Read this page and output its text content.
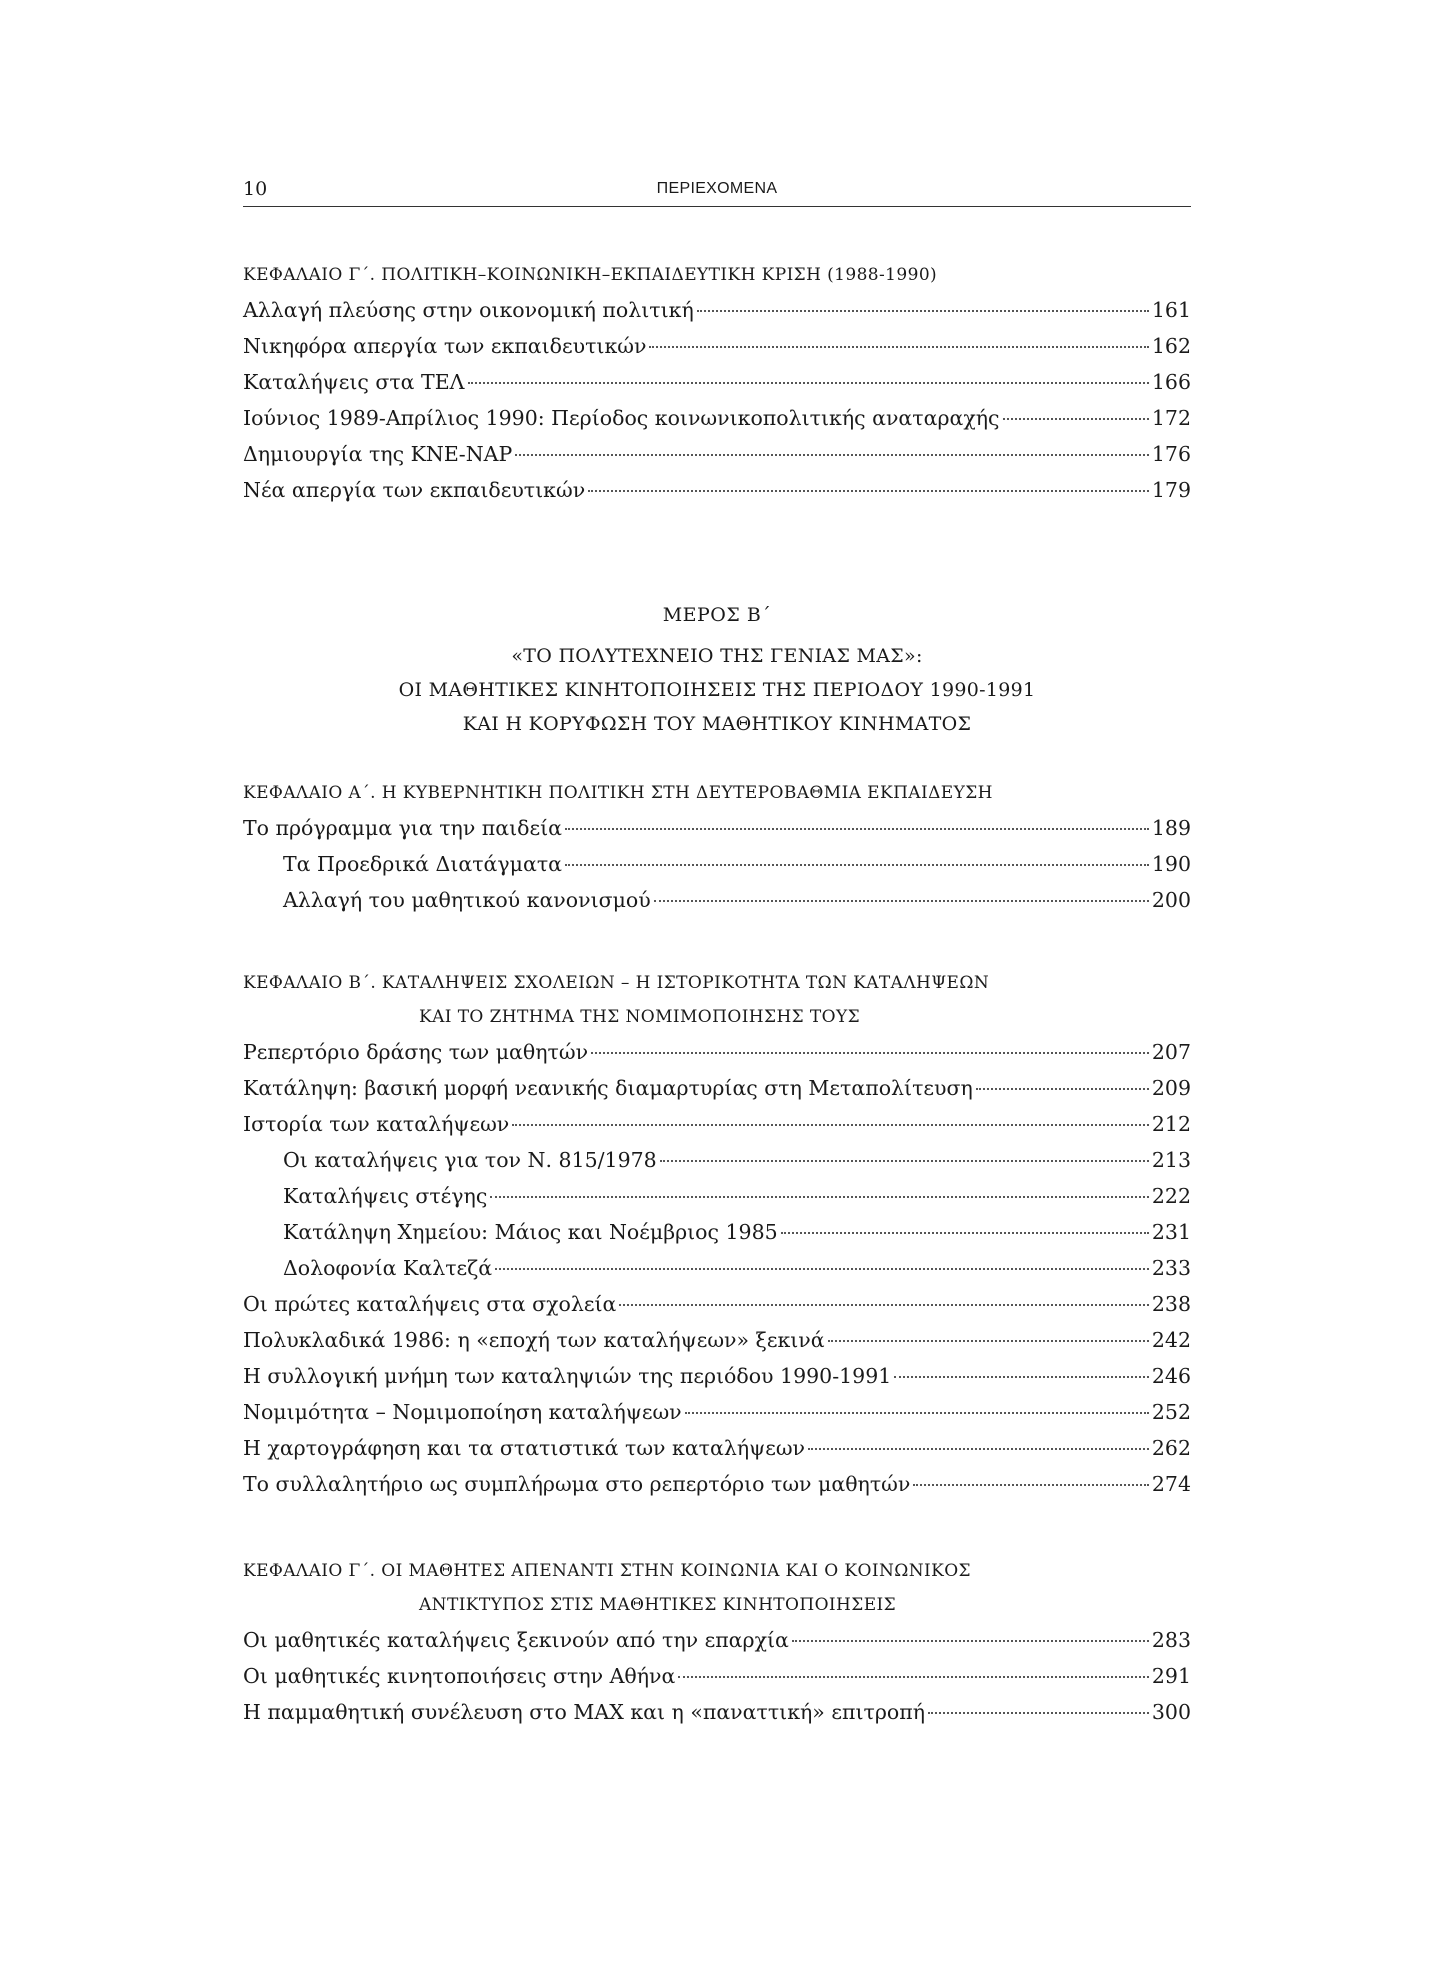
10	ΠΕΡΙΕΧΟΜΕΝΑ
ΚΕΦΑΛΑΙΟ Γ΄. ΠΟΛΙΤΙΚΗ–ΚΟΙΝΩΝΙΚΗ–ΕΚΠΑΙΔΕΥΤΙΚΗ ΚΡΙΣΗ (1988-1990)
Αλλαγή πλεύσης στην οικονομική πολιτική	161
Νικηφόρα απεργία των εκπαιδευτικών	162
Καταλήψεις στα ΤΕΛ	166
Ιούνιος 1989-Απρίλιος 1990: Περίοδος κοινωνικοπολιτικής αναταραχής	172
Δημιουργία της ΚΝΕ-ΝΑΡ	176
Νέα απεργία των εκπαιδευτικών	179
ΜΕΡΟΣ Β΄
«ΤΟ ΠΟΛΥΤΕΧΝΕΙΟ ΤΗΣ ΓΕΝΙΑΣ ΜΑΣ»:
ΟΙ ΜΑΘΗΤΙΚΕΣ ΚΙΝΗΤΟΠΟΙΗΣΕΙΣ ΤΗΣ ΠΕΡΙΟΔΟΥ 1990-1991
ΚΑΙ Η ΚΟΡΥΦΩΣΗ ΤΟΥ ΜΑΘΗΤΙΚΟΥ ΚΙΝΗΜΑΤΟΣ
ΚΕΦΑΛΑΙΟ Α΄. Η ΚΥΒΕΡΝΗΤΙΚΗ ΠΟΛΙΤΙΚΗ ΣΤΗ ΔΕΥΤΕΡΟΒΑΘΜΙΑ ΕΚΠΑΙΔΕΥΣΗ
Το πρόγραμμα για την παιδεία	189
Τα Προεδρικά Διατάγματα	190
Αλλαγή του μαθητικού κανονισμού	200
ΚΕΦΑΛΑΙΟ Β΄. ΚΑΤΑΛΗΨΕΙΣ ΣΧΟΛΕΙΩΝ – Η ΙΣΤΟΡΙΚΟΤΗΤΑ ΤΩΝ ΚΑΤΑΛΗΨΕΩΝ
ΚΑΙ ΤΟ ΖΗΤΗΜΑ ΤΗΣ ΝΟΜΙΜΟΠΟΙΗΣΗΣ ΤΟΥΣ
Ρεπερτόριο δράσης των μαθητών	207
Κατάληψη: βασική μορφή νεανικής διαμαρτυρίας στη Μεταπολίτευση	209
Ιστορία των καταλήψεων	212
Οι καταλήψεις για τον Ν. 815/1978	213
Καταλήψεις στέγης	222
Κατάληψη Χημείου: Μάιος και Νοέμβριος 1985	231
Δολοφονία Καλτεζά	233
Οι πρώτες καταλήψεις στα σχολεία	238
Πολυκλαδικά 1986: η «εποχή των καταλήψεων» ξεκινά	242
Η συλλογική μνήμη των καταληψιών της περιόδου 1990-1991	246
Νομιμότητα – Νομιμοποίηση καταλήψεων	252
Η χαρτογράφηση και τα στατιστικά των καταλήψεων	262
Το συλλαλητήριο ως συμπλήρωμα στο ρεπερτόριο των μαθητών	274
ΚΕΦΑΛΑΙΟ Γ΄. ΟΙ ΜΑΘΗΤΕΣ ΑΠΕΝΑΝΤΙ ΣΤΗΝ ΚΟΙΝΩΝΙΑ ΚΑΙ Ο ΚΟΙΝΩΝΙΚΟΣ
ΑΝΤΙΚΤΥΠΟΣ ΣΤΙΣ ΜΑΘΗΤΙΚΕΣ ΚΙΝΗΤΟΠΟΙΗΣΕΙΣ
Οι μαθητικές καταλήψεις ξεκινούν από την επαρχία	283
Οι μαθητικές κινητοποιήσεις στην Αθήνα	291
Η παμμαθητική συνέλευση στο ΜΑΧ και η «παναττική» επιτροπή	300
